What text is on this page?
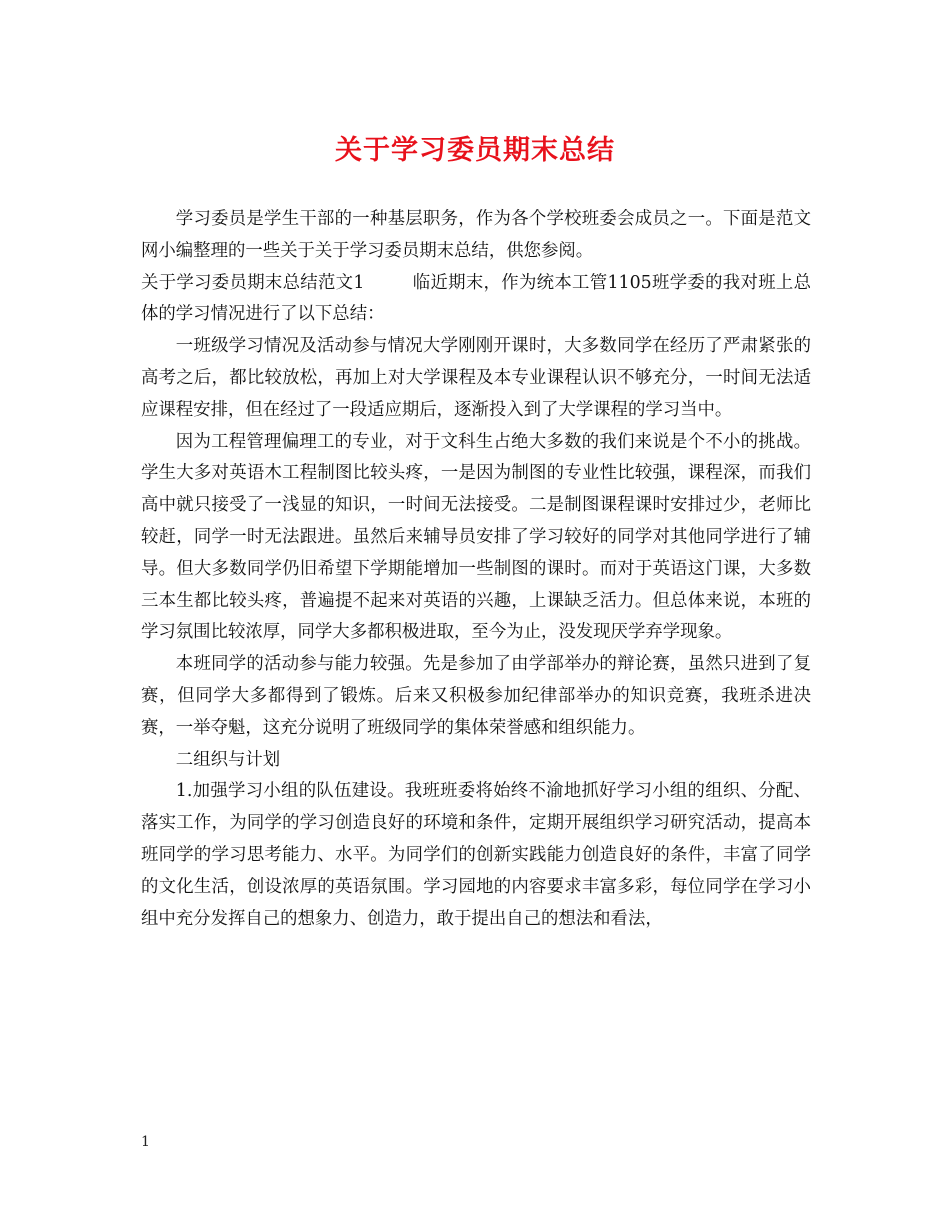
关于学习委员期末总结

学习委员是学生干部的一种基层职务，作为各个学校班委会成员之一。下面是范文网小编整理的一些关于关于学习委员期末总结，供您参阅。

关于学习委员期末总结范文1	临近期末，作为统本工管1105班学委的我对班上总体的学习情况进行了以下总结：

一班级学习情况及活动参与情况大学刚刚开课时，大多数同学在经历了严肃紧张的高考之后，都比较放松，再加上对大学课程及本专业课程认识不够充分，一时间无法适应课程安排，但在经过了一段适应期后，逐渐投入到了大学课程的学习当中。

因为工程管理偏理工的专业，对于文科生占绝大多数的我们来说是个不小的挑战。学生大多对英语木工程制图比较头疼，一是因为制图的专业性比较强，课程深，而我们高中就只接受了一浅显的知识，一时间无法接受。二是制图课程课时安排过少，老师比较赶，同学一时无法跟进。虽然后来辅导员安排了学习较好的同学对其他同学进行了辅导。但大多数同学仍旧希望下学期能增加一些制图的课时。而对于英语这门课，大多数三本生都比较头疼，普遍提不起来对英语的兴趣，上课缺乏活力。但总体来说，本班的学习氛围比较浓厚，同学大多都积极进取，至今为止，没发现厌学弃学现象。

本班同学的活动参与能力较强。先是参加了由学部举办的辩论赛，虽然只进到了复赛，但同学大多都得到了锻炼。后来又积极参加纪律部举办的知识竞赛，我班杀进决赛，一举夺魁，这充分说明了班级同学的集体荣誉感和组织能力。

二组织与计划

1.加强学习小组的队伍建设。我班班委将始终不渝地抓好学习小组的组织、分配、落实工作，为同学的学习创造良好的环境和条件，定期开展组织学习研究活动，提高本班同学的学习思考能力、水平。为同学们的创新实践能力创造良好的条件，丰富了同学的文化生活，创设浓厚的英语氛围。学习园地的内容要求丰富多彩，每位同学在学习小组中充分发挥自己的想象力、创造力，敢于提出自己的想法和看法，

1
